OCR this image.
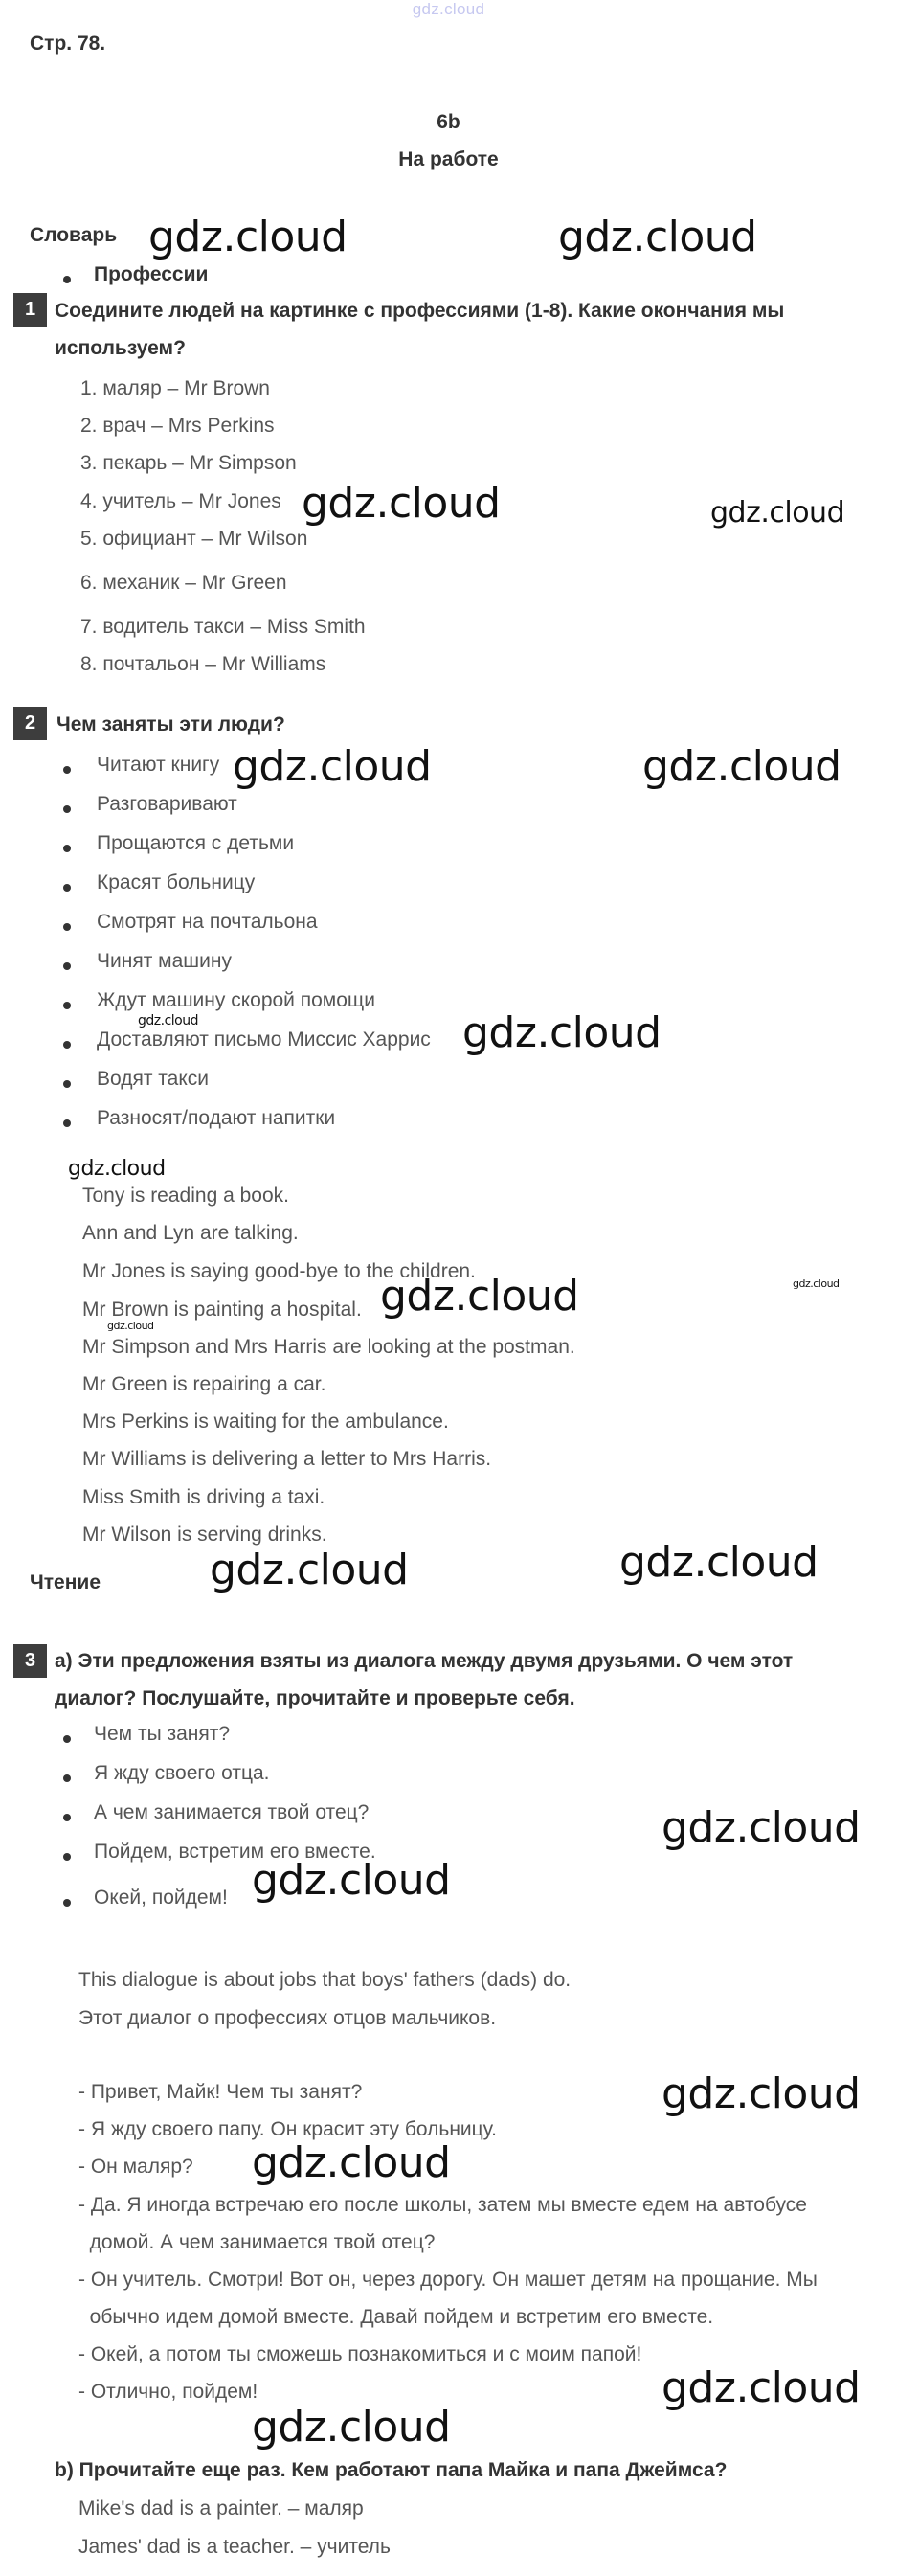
gdz.cloud
Стр. 78.
6b
На работе
Словарь
Профессии
1 Соедините людей на картинке с профессиями (1-8). Какие окончания мы
используем?
1. маляр – Mr Brown
2. врач – Mrs Perkins
3. пекарь – Mr Simpson
4. учитель – Mr Jones
5. официант – Mr Wilson
6. механик – Mr Green
7. водитель такси – Miss Smith
8. почтальон – Mr Williams
2	Чем заняты эти люди?
Читают книгу
Разговаривают
Прощаются с детьми
Красят больницу
Смотрят на почтальона
Чинят машину
Ждут машину скорой помощи
Доставляют письмо Миссис Харрис
Водят такси
Разносят/подают напитки
Tony is reading a book.
Ann and Lyn are talking.
Mr Jones is saying good-bye to the children.
Mr Brown is painting a hospital.
Mr Simpson and Mrs Harris are looking at the postman.
Mr Green is repairing a car.
Mrs Perkins is waiting for the ambulance.
Mr Williams is delivering a letter to Mrs Harris.
Miss Smith is driving a taxi.
Mr Wilson is serving drinks.
Чтение
3 a) Эти предложения взяты из диалога между двумя друзьями. О чем этот
диалог? Послушайте, прочитайте и проверьте себя.
Чем ты занят?
Я жду своего отца.
А чем занимается твой отец?
Пойдем, встретим его вместе.
Окей, пойдем!
This dialogue is about jobs that boys' fathers (dads) do.
Этот диалог о профессиях отцов мальчиков.
- Привет, Майк! Чем ты занят?
- Я жду своего папу. Он красит эту больницу.
- Он маляр?
- Да. Я иногда встречаю его после школы, затем мы вместе едем на автобусе
домой. А чем занимается твой отец?
- Он учитель. Смотри! Вот он, через дорогу. Он машет детям на прощание. Мы
обычно идем домой вместе. Давай пойдем и встретим его вместе.
- Окей, а потом ты сможешь познакомиться и с моим папой!
- Отлично, пойдем!
b) Прочитайте еще раз. Кем работают папа Майка и папа Джеймса?
Mike's dad is a painter. – маляр
James' dad is a teacher. – учитель
gdz.cloud	gdz.cloud
gdz.cloud	gdz.cloud
gdz.cloud	gdz.cloud
gdz.cloud	gdz.cloud
gdz.cloud
gdz.cloud
gdz.cloud
gdz.cloud
gdz.cloud	gdz.cloud
gdz.cloud
gdz.cloud
gdz.cloud
gdz.cloud
gdz.cloud
gdz.cloud
